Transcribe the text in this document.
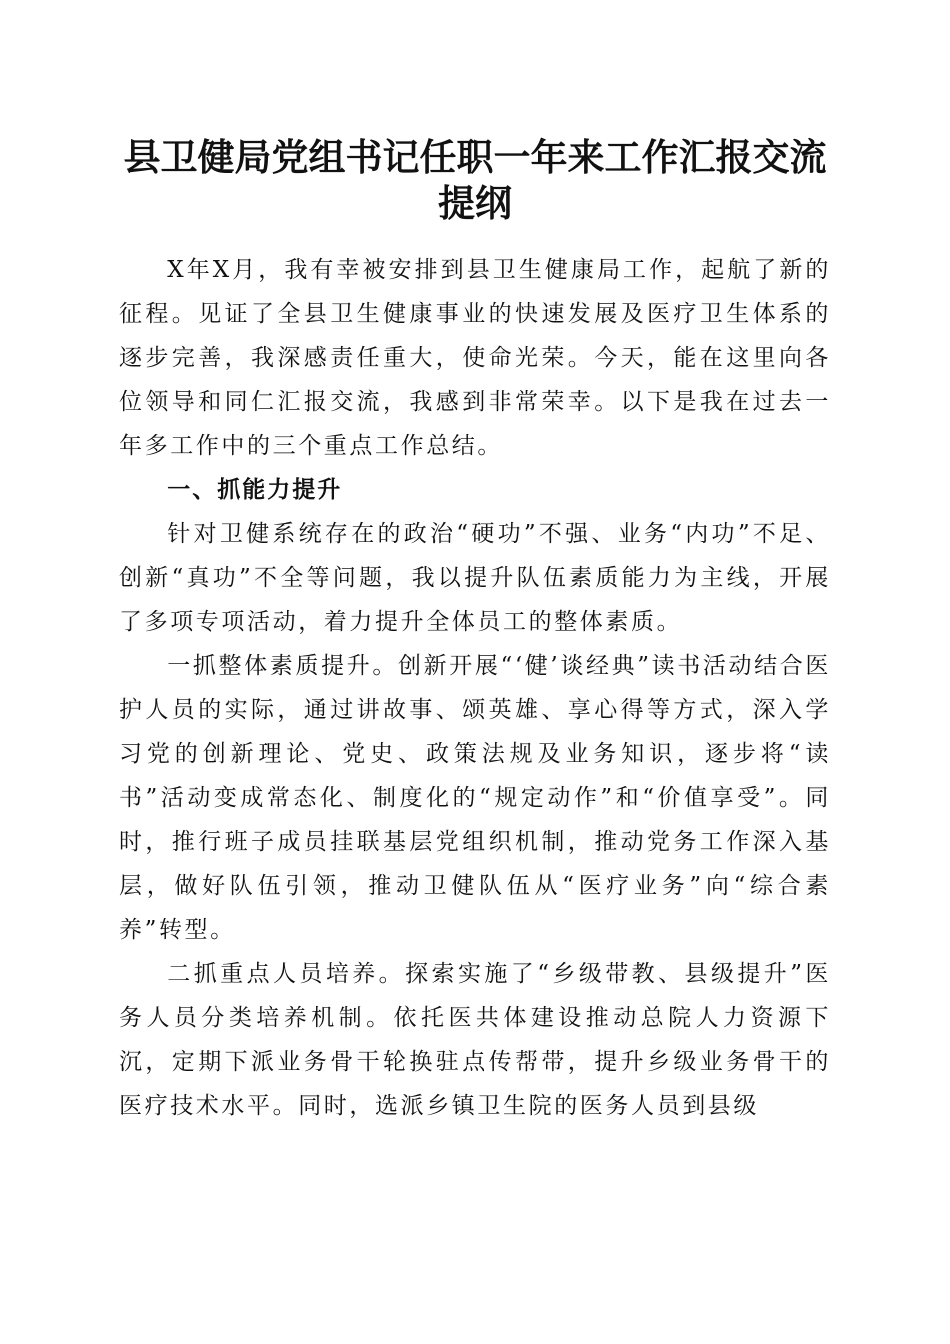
县卫健局党组书记任职一年来工作汇报交流提纲

X年X月，我有幸被安排到县卫生健康局工作，起航了新的征程。见证了全县卫生健康事业的快速发展及医疗卫生体系的逐步完善，我深感责任重大，使命光荣。今天，能在这里向各位领导和同仁汇报交流，我感到非常荣幸。以下是我在过去一年多工作中的三个重点工作总结。

一、抓能力提升

针对卫健系统存在的政治“硬功”不强、业务“内功”不足、创新“真功”不全等问题，我以提升队伍素质能力为主线，开展了多项专项活动，着力提升全体员工的整体素质。

一抓整体素质提升。创新开展“‘健’谈经典”读书活动结合医护人员的实际，通过讲故事、颂英雄、享心得等方式，深入学习党的创新理论、党史、政策法规及业务知识，逐步将“读书”活动变成常态化、制度化的“规定动作”和“价值享受”。同时，推行班子成员挂联基层党组织机制，推动党务工作深入基层，做好队伍引领，推动卫健队伍从“医疗业务”向“综合素养”转型。

二抓重点人员培养。探索实施了“乡级带教、县级提升”医务人员分类培养机制。依托医共体建设推动总院人力资源下沉，定期下派业务骨干轮换驻点传帮带，提升乡级业务骨干的医疗技术水平。同时，选派乡镇卫生院的医务人员到县级
